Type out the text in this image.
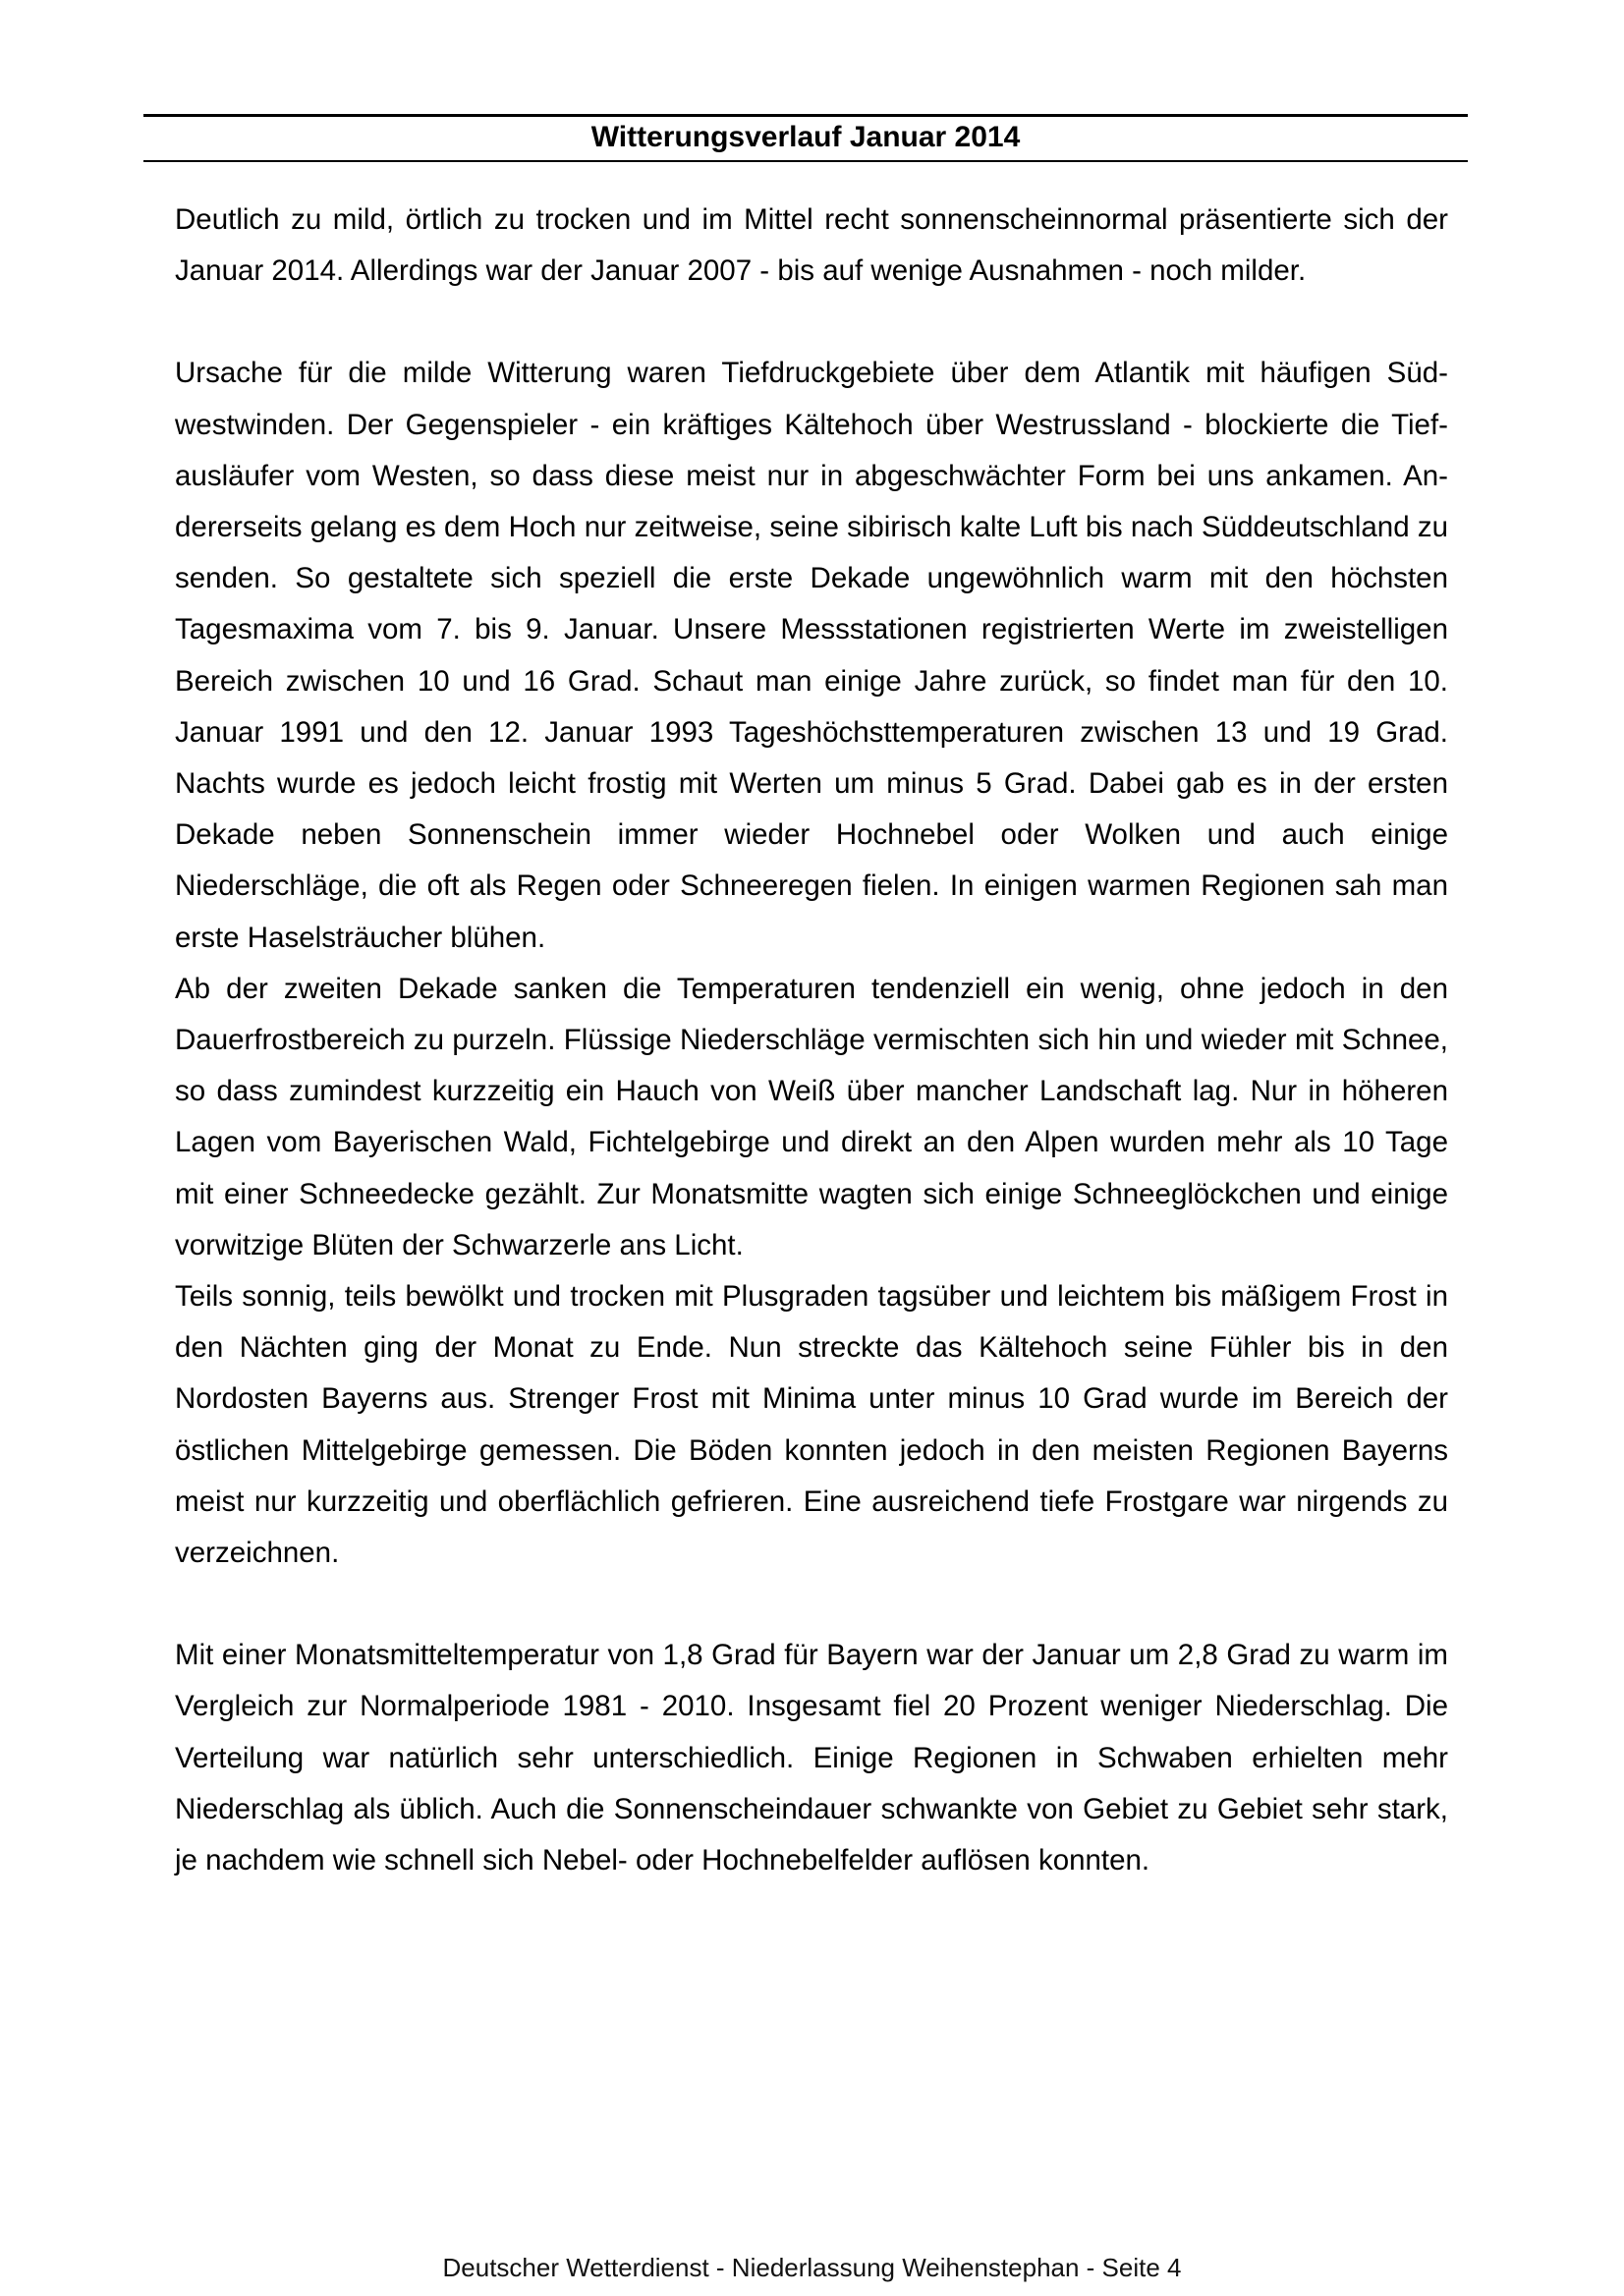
Witterungsverlauf Januar 2014

Deutlich zu mild, örtlich zu trocken und im Mittel recht sonnenscheinnormal präsentierte sich der Januar 2014. Allerdings war der Januar 2007 - bis auf wenige Ausnahmen - noch milder.

Ursache für die milde Witterung waren Tiefdruckgebiete über dem Atlantik mit häufigen Südwestwinden. Der Gegenspieler - ein kräftiges Kältehoch über Westrussland - blockierte die Tiefausläufer vom Westen, so dass diese meist nur in abgeschwächter Form bei uns ankamen. Andererseits gelang es dem Hoch nur zeitweise, seine sibirisch kalte Luft bis nach Süddeutschland zu senden. So gestaltete sich speziell die erste Dekade ungewöhnlich warm mit den höchsten Tagesmaxima vom 7. bis 9. Januar. Unsere Messstationen registrierten Werte im zweistelligen Bereich zwischen 10 und 16 Grad. Schaut man einige Jahre zurück, so findet man für den 10. Januar 1991 und den 12. Januar 1993 Tageshöchsttemperaturen zwischen 13 und 19 Grad. Nachts wurde es jedoch leicht frostig mit Werten um minus 5 Grad. Dabei gab es in der ersten Dekade neben Sonnenschein immer wieder Hochnebel oder Wolken und auch einige Niederschläge, die oft als Regen oder Schneeregen fielen. In einigen warmen Regionen sah man erste Haselsträucher blühen.

Ab der zweiten Dekade sanken die Temperaturen tendenziell ein wenig, ohne jedoch in den Dauerfrostbereich zu purzeln. Flüssige Niederschläge vermischten sich hin und wieder mit Schnee, so dass zumindest kurzzeitig ein Hauch von Weiß über mancher Landschaft lag. Nur in höheren Lagen vom Bayerischen Wald, Fichtelgebirge und direkt an den Alpen wurden mehr als 10 Tage mit einer Schneedecke gezählt. Zur Monatsmitte wagten sich einige Schneeglöckchen und einige vorwitzige Blüten der Schwarzerle ans Licht.

Teils sonnig, teils bewölkt und trocken mit Plusgraden tagsüber und leichtem bis mäßigem Frost in den Nächten ging der Monat zu Ende. Nun streckte das Kältehoch seine Fühler bis in den Nordosten Bayerns aus. Strenger Frost mit Minima unter minus 10 Grad wurde im Bereich der östlichen Mittelgebirge gemessen. Die Böden konnten jedoch in den meisten Regionen Bayerns meist nur kurzzeitig und oberflächlich gefrieren. Eine ausreichend tiefe Frostgare war nirgends zu verzeichnen.

Mit einer Monatsmitteltemperatur von 1,8 Grad für Bayern war der Januar um 2,8 Grad zu warm im Vergleich zur Normalperiode 1981 - 2010. Insgesamt fiel 20 Prozent weniger Niederschlag. Die Verteilung war natürlich sehr unterschiedlich. Einige Regionen in Schwaben erhielten mehr Niederschlag als üblich. Auch die Sonnenscheindauer schwankte von Gebiet zu Gebiet sehr stark, je nachdem wie schnell sich Nebel- oder Hochnebelfelder auflösen konnten.

Deutscher Wetterdienst - Niederlassung Weihenstephan - Seite 4
